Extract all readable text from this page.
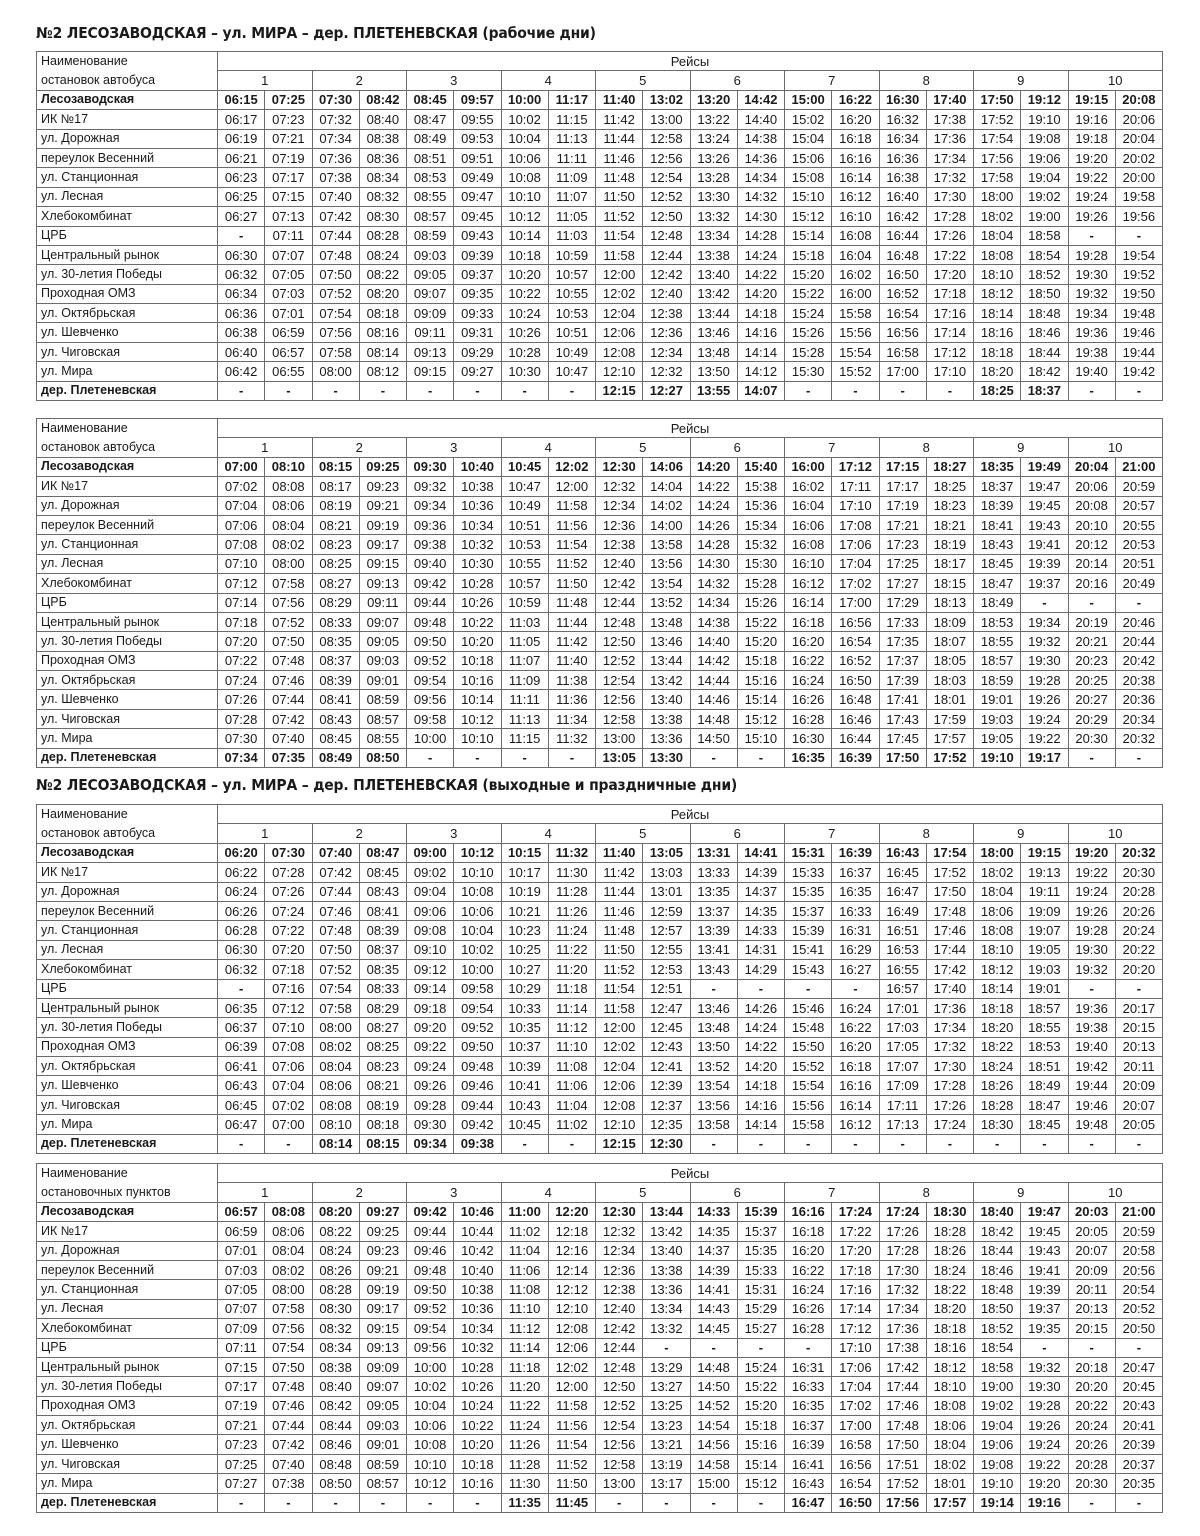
№2 ЛЕСОЗАВОДСКАЯ – ул. МИРА – дер. ПЛЕТЕНЕВСКАЯ (рабочие дни)
Наименование	Рейсы																			
остановок автобуса	1		2		3		4		5		6		7		8		9		10	
Лесозаводская	06:15	07:25	07:30	08:42	08:45	09:57	10:00	11:17	11:40	13:02	13:20	14:42	15:00	16:22	16:30	17:40	17:50	19:12	19:15	20:08
ИК №17	06:17	07:23	07:32	08:40	08:47	09:55	10:02	11:15	11:42	13:00	13:22	14:40	15:02	16:20	16:32	17:38	17:52	19:10	19:16	20:06
ул. Дорожная	06:19	07:21	07:34	08:38	08:49	09:53	10:04	11:13	11:44	12:58	13:24	14:38	15:04	16:18	16:34	17:36	17:54	19:08	19:18	20:04
переулок Весенний	06:21	07:19	07:36	08:36	08:51	09:51	10:06	11:11	11:46	12:56	13:26	14:36	15:06	16:16	16:36	17:34	17:56	19:06	19:20	20:02
ул. Станционная	06:23	07:17	07:38	08:34	08:53	09:49	10:08	11:09	11:48	12:54	13:28	14:34	15:08	16:14	16:38	17:32	17:58	19:04	19:22	20:00
ул. Лесная	06:25	07:15	07:40	08:32	08:55	09:47	10:10	11:07	11:50	12:52	13:30	14:32	15:10	16:12	16:40	17:30	18:00	19:02	19:24	19:58
Хлебокомбинат	06:27	07:13	07:42	08:30	08:57	09:45	10:12	11:05	11:52	12:50	13:32	14:30	15:12	16:10	16:42	17:28	18:02	19:00	19:26	19:56
ЦРБ	-	07:11	07:44	08:28	08:59	09:43	10:14	11:03	11:54	12:48	13:34	14:28	15:14	16:08	16:44	17:26	18:04	18:58	-	-
Центральный рынок	06:30	07:07	07:48	08:24	09:03	09:39	10:18	10:59	11:58	12:44	13:38	14:24	15:18	16:04	16:48	17:22	18:08	18:54	19:28	19:54
ул. 30-летия Победы	06:32	07:05	07:50	08:22	09:05	09:37	10:20	10:57	12:00	12:42	13:40	14:22	15:20	16:02	16:50	17:20	18:10	18:52	19:30	19:52
Проходная ОМЗ	06:34	07:03	07:52	08:20	09:07	09:35	10:22	10:55	12:02	12:40	13:42	14:20	15:22	16:00	16:52	17:18	18:12	18:50	19:32	19:50
ул. Октябрьская	06:36	07:01	07:54	08:18	09:09	09:33	10:24	10:53	12:04	12:38	13:44	14:18	15:24	15:58	16:54	17:16	18:14	18:48	19:34	19:48
ул. Шевченко	06:38	06:59	07:56	08:16	09:11	09:31	10:26	10:51	12:06	12:36	13:46	14:16	15:26	15:56	16:56	17:14	18:16	18:46	19:36	19:46
ул. Чиговская	06:40	06:57	07:58	08:14	09:13	09:29	10:28	10:49	12:08	12:34	13:48	14:14	15:28	15:54	16:58	17:12	18:18	18:44	19:38	19:44
ул. Мира	06:42	06:55	08:00	08:12	09:15	09:27	10:30	10:47	12:10	12:32	13:50	14:12	15:30	15:52	17:00	17:10	18:20	18:42	19:40	19:42
дер. Плетеневская	-	-	-	-	-	-	-	-	12:15	12:27	13:55	14:07	-	-	-	-	18:25	18:37	-	-
Наименование	Рейсы																			
остановок автобуса	1		2		3		4		5		6		7		8		9		10	
Лесозаводская	07:00	08:10	08:15	09:25	09:30	10:40	10:45	12:02	12:30	14:06	14:20	15:40	16:00	17:12	17:15	18:27	18:35	19:49	20:04	21:00
ИК №17	07:02	08:08	08:17	09:23	09:32	10:38	10:47	12:00	12:32	14:04	14:22	15:38	16:02	17:11	17:17	18:25	18:37	19:47	20:06	20:59
ул. Дорожная	07:04	08:06	08:19	09:21	09:34	10:36	10:49	11:58	12:34	14:02	14:24	15:36	16:04	17:10	17:19	18:23	18:39	19:45	20:08	20:57
переулок Весенний	07:06	08:04	08:21	09:19	09:36	10:34	10:51	11:56	12:36	14:00	14:26	15:34	16:06	17:08	17:21	18:21	18:41	19:43	20:10	20:55
ул. Станционная	07:08	08:02	08:23	09:17	09:38	10:32	10:53	11:54	12:38	13:58	14:28	15:32	16:08	17:06	17:23	18:19	18:43	19:41	20:12	20:53
ул. Лесная	07:10	08:00	08:25	09:15	09:40	10:30	10:55	11:52	12:40	13:56	14:30	15:30	16:10	17:04	17:25	18:17	18:45	19:39	20:14	20:51
Хлебокомбинат	07:12	07:58	08:27	09:13	09:42	10:28	10:57	11:50	12:42	13:54	14:32	15:28	16:12	17:02	17:27	18:15	18:47	19:37	20:16	20:49
ЦРБ	07:14	07:56	08:29	09:11	09:44	10:26	10:59	11:48	12:44	13:52	14:34	15:26	16:14	17:00	17:29	18:13	18:49	-	-	-
Центральный рынок	07:18	07:52	08:33	09:07	09:48	10:22	11:03	11:44	12:48	13:48	14:38	15:22	16:18	16:56	17:33	18:09	18:53	19:34	20:19	20:46
ул. 30-летия Победы	07:20	07:50	08:35	09:05	09:50	10:20	11:05	11:42	12:50	13:46	14:40	15:20	16:20	16:54	17:35	18:07	18:55	19:32	20:21	20:44
Проходная ОМЗ	07:22	07:48	08:37	09:03	09:52	10:18	11:07	11:40	12:52	13:44	14:42	15:18	16:22	16:52	17:37	18:05	18:57	19:30	20:23	20:42
ул. Октябрьская	07:24	07:46	08:39	09:01	09:54	10:16	11:09	11:38	12:54	13:42	14:44	15:16	16:24	16:50	17:39	18:03	18:59	19:28	20:25	20:38
ул. Шевченко	07:26	07:44	08:41	08:59	09:56	10:14	11:11	11:36	12:56	13:40	14:46	15:14	16:26	16:48	17:41	18:01	19:01	19:26	20:27	20:36
ул. Чиговская	07:28	07:42	08:43	08:57	09:58	10:12	11:13	11:34	12:58	13:38	14:48	15:12	16:28	16:46	17:43	17:59	19:03	19:24	20:29	20:34
ул. Мира	07:30	07:40	08:45	08:55	10:00	10:10	11:15	11:32	13:00	13:36	14:50	15:10	16:30	16:44	17:45	17:57	19:05	19:22	20:30	20:32
дер. Плетеневская	07:34	07:35	08:49	08:50	-	-	-	-	13:05	13:30	-	-	16:35	16:39	17:50	17:52	19:10	19:17	-	-
№2 ЛЕСОЗАВОДСКАЯ – ул. МИРА – дер. ПЛЕТЕНЕВСКАЯ (выходные и праздничные дни)
Наименование	Рейсы																			
остановок автобуса	1		2		3		4		5		6		7		8		9		10	
Лесозаводская	06:20	07:30	07:40	08:47	09:00	10:12	10:15	11:32	11:40	13:05	13:31	14:41	15:31	16:39	16:43	17:54	18:00	19:15	19:20	20:32
ИК №17	06:22	07:28	07:42	08:45	09:02	10:10	10:17	11:30	11:42	13:03	13:33	14:39	15:33	16:37	16:45	17:52	18:02	19:13	19:22	20:30
ул. Дорожная	06:24	07:26	07:44	08:43	09:04	10:08	10:19	11:28	11:44	13:01	13:35	14:37	15:35	16:35	16:47	17:50	18:04	19:11	19:24	20:28
переулок Весенний	06:26	07:24	07:46	08:41	09:06	10:06	10:21	11:26	11:46	12:59	13:37	14:35	15:37	16:33	16:49	17:48	18:06	19:09	19:26	20:26
ул. Станционная	06:28	07:22	07:48	08:39	09:08	10:04	10:23	11:24	11:48	12:57	13:39	14:33	15:39	16:31	16:51	17:46	18:08	19:07	19:28	20:24
ул. Лесная	06:30	07:20	07:50	08:37	09:10	10:02	10:25	11:22	11:50	12:55	13:41	14:31	15:41	16:29	16:53	17:44	18:10	19:05	19:30	20:22
Хлебокомбинат	06:32	07:18	07:52	08:35	09:12	10:00	10:27	11:20	11:52	12:53	13:43	14:29	15:43	16:27	16:55	17:42	18:12	19:03	19:32	20:20
ЦРБ	-	07:16	07:54	08:33	09:14	09:58	10:29	11:18	11:54	12:51	-	-	-	-	16:57	17:40	18:14	19:01	-	-
Центральный рынок	06:35	07:12	07:58	08:29	09:18	09:54	10:33	11:14	11:58	12:47	13:46	14:26	15:46	16:24	17:01	17:36	18:18	18:57	19:36	20:17
ул. 30-летия Победы	06:37	07:10	08:00	08:27	09:20	09:52	10:35	11:12	12:00	12:45	13:48	14:24	15:48	16:22	17:03	17:34	18:20	18:55	19:38	20:15
Проходная ОМЗ	06:39	07:08	08:02	08:25	09:22	09:50	10:37	11:10	12:02	12:43	13:50	14:22	15:50	16:20	17:05	17:32	18:22	18:53	19:40	20:13
ул. Октябрьская	06:41	07:06	08:04	08:23	09:24	09:48	10:39	11:08	12:04	12:41	13:52	14:20	15:52	16:18	17:07	17:30	18:24	18:51	19:42	20:11
ул. Шевченко	06:43	07:04	08:06	08:21	09:26	09:46	10:41	11:06	12:06	12:39	13:54	14:18	15:54	16:16	17:09	17:28	18:26	18:49	19:44	20:09
ул. Чиговская	06:45	07:02	08:08	08:19	09:28	09:44	10:43	11:04	12:08	12:37	13:56	14:16	15:56	16:14	17:11	17:26	18:28	18:47	19:46	20:07
ул. Мира	06:47	07:00	08:10	08:18	09:30	09:42	10:45	11:02	12:10	12:35	13:58	14:14	15:58	16:12	17:13	17:24	18:30	18:45	19:48	20:05
дер. Плетеневская	-	-	08:14	08:15	09:34	09:38	-	-	12:15	12:30	-	-	-	-	-	-	-	-	-	-
Наименование	Рейсы																			
остановочных пунктов	1		2		3		4		5		6		7		8		9		10	
Лесозаводская	06:57	08:08	08:20	09:27	09:42	10:46	11:00	12:20	12:30	13:44	14:33	15:39	16:16	17:24	17:24	18:30	18:40	19:47	20:03	21:00
ИК №17	06:59	08:06	08:22	09:25	09:44	10:44	11:02	12:18	12:32	13:42	14:35	15:37	16:18	17:22	17:26	18:28	18:42	19:45	20:05	20:59
ул. Дорожная	07:01	08:04	08:24	09:23	09:46	10:42	11:04	12:16	12:34	13:40	14:37	15:35	16:20	17:20	17:28	18:26	18:44	19:43	20:07	20:58
переулок Весенний	07:03	08:02	08:26	09:21	09:48	10:40	11:06	12:14	12:36	13:38	14:39	15:33	16:22	17:18	17:30	18:24	18:46	19:41	20:09	20:56
ул. Станционная	07:05	08:00	08:28	09:19	09:50	10:38	11:08	12:12	12:38	13:36	14:41	15:31	16:24	17:16	17:32	18:22	18:48	19:39	20:11	20:54
ул. Лесная	07:07	07:58	08:30	09:17	09:52	10:36	11:10	12:10	12:40	13:34	14:43	15:29	16:26	17:14	17:34	18:20	18:50	19:37	20:13	20:52
Хлебокомбинат	07:09	07:56	08:32	09:15	09:54	10:34	11:12	12:08	12:42	13:32	14:45	15:27	16:28	17:12	17:36	18:18	18:52	19:35	20:15	20:50
ЦРБ	07:11	07:54	08:34	09:13	09:56	10:32	11:14	12:06	12:44	-	-	-	-	17:10	17:38	18:16	18:54	-	-	-
Центральный рынок	07:15	07:50	08:38	09:09	10:00	10:28	11:18	12:02	12:48	13:29	14:48	15:24	16:31	17:06	17:42	18:12	18:58	19:32	20:18	20:47
ул. 30-летия Победы	07:17	07:48	08:40	09:07	10:02	10:26	11:20	12:00	12:50	13:27	14:50	15:22	16:33	17:04	17:44	18:10	19:00	19:30	20:20	20:45
Проходная ОМЗ	07:19	07:46	08:42	09:05	10:04	10:24	11:22	11:58	12:52	13:25	14:52	15:20	16:35	17:02	17:46	18:08	19:02	19:28	20:22	20:43
ул. Октябрьская	07:21	07:44	08:44	09:03	10:06	10:22	11:24	11:56	12:54	13:23	14:54	15:18	16:37	17:00	17:48	18:06	19:04	19:26	20:24	20:41
ул. Шевченко	07:23	07:42	08:46	09:01	10:08	10:20	11:26	11:54	12:56	13:21	14:56	15:16	16:39	16:58	17:50	18:04	19:06	19:24	20:26	20:39
ул. Чиговская	07:25	07:40	08:48	08:59	10:10	10:18	11:28	11:52	12:58	13:19	14:58	15:14	16:41	16:56	17:51	18:02	19:08	19:22	20:28	20:37
ул. Мира	07:27	07:38	08:50	08:57	10:12	10:16	11:30	11:50	13:00	13:17	15:00	15:12	16:43	16:54	17:52	18:01	19:10	19:20	20:30	20:35
дер. Плетеневская	-	-	-	-	-	-	11:35	11:45	-	-	-	-	16:47	16:50	17:56	17:57	19:14	19:16	-	-
